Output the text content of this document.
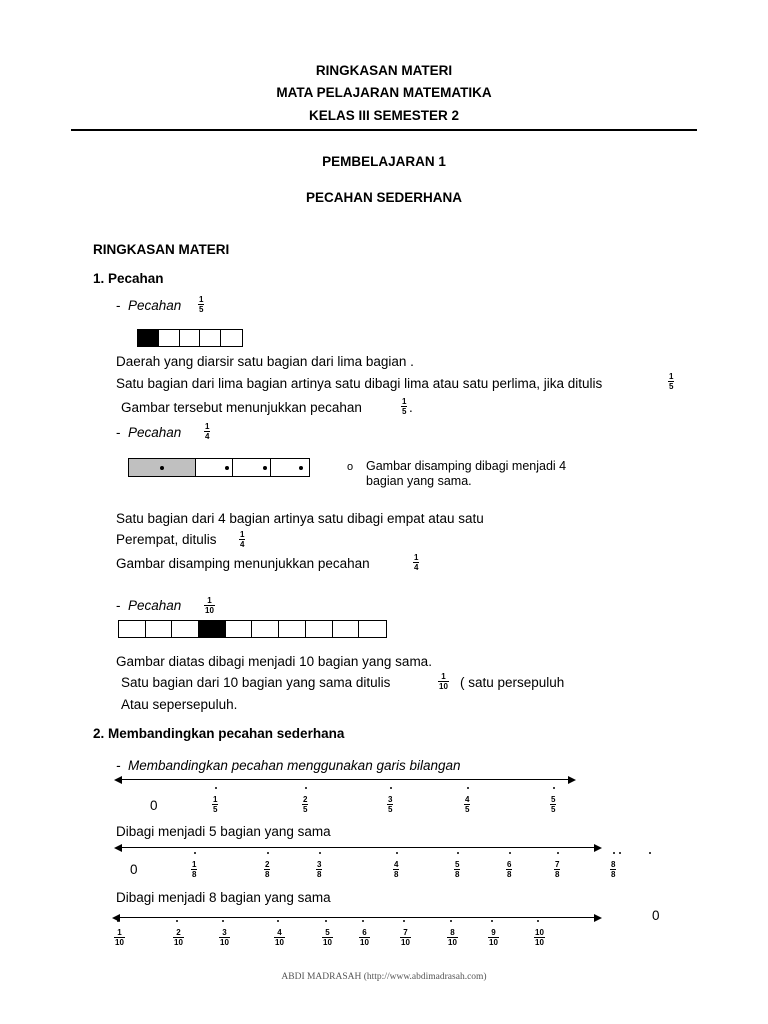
RINGKASAN MATERI
MATA PELAJARAN MATEMATIKA
KELAS III SEMESTER 2
PEMBELAJARAN 1
PECAHAN SEDERHANA
RINGKASAN MATERI
1. Pecahan
- Pecahan 1
5
Daerah yang diarsir satu bagian dari lima bagian .
Satu bagian dari lima bagian artinya satu dibagi lima atau satu perlima, jika ditulis	1
5
Gambar tersebut menunjukkan pecahan	1
5 .
- Pecahan	1
4
o Gambar disamping dibagi menjadi 4
bagian yang sama.
Satu bagian dari 4 bagian artinya satu dibagi empat atau satu
Perempat, ditulis	1
4
Gambar disamping menunjukkan pecahan	1
4
- Pecahan	1
10
Gambar diatas dibagi menjadi 10 bagian yang sama.
Satu bagian dari 10 bagian yang sama ditulis	1
10 ( satu persepuluh
Atau sepersepuluh.
2. Membandingkan pecahan sederhana
- Membandingkan pecahan menggunakan garis bilangan
0	1
5
2
5
3
5
4
5
5
5
Dibagi menjadi 5 bagian yang sama
0	1
8
2
8
3
8
4
8
5
8
6
8
7
8
8
8
Dibagi menjadi 8 bagian yang sama
0
1
10
2
10
3
10
4
10
5
10
6
10
7
10
8
10
9
10
10
10
ABDI MADRASAH (http://www.abdimadrasah.com)
